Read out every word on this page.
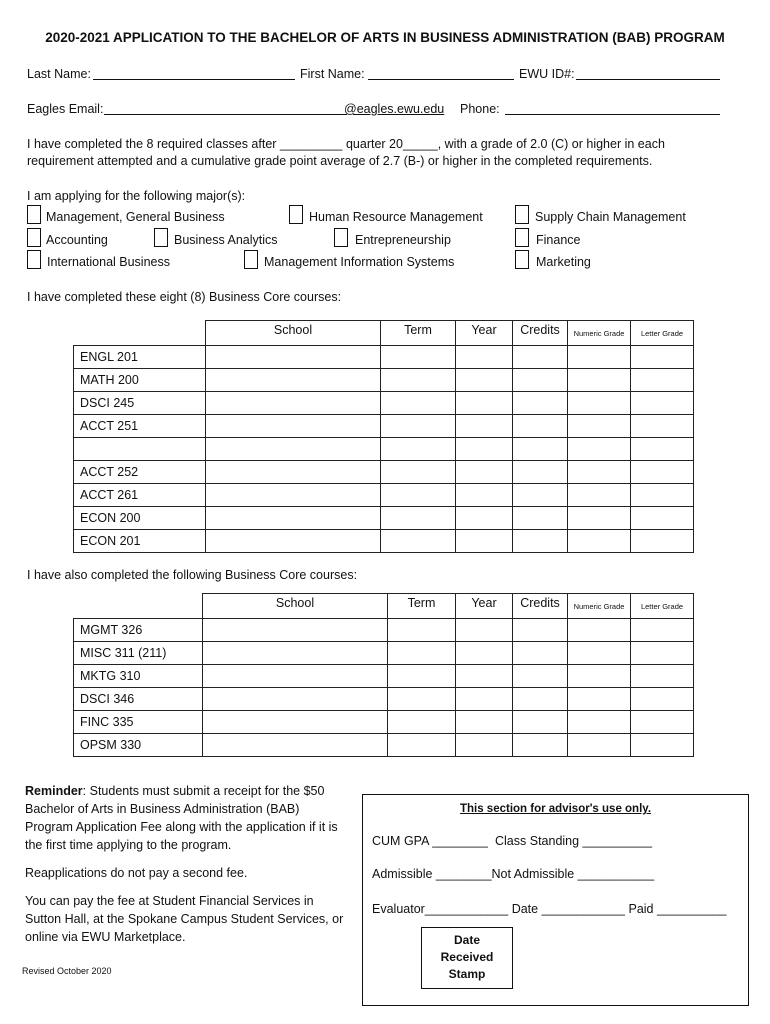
2020-2021 APPLICATION TO THE BACHELOR OF ARTS IN BUSINESS ADMINISTRATION (BAB) PROGRAM
Last Name:	First Name:	EWU ID#:
Eagles Email:	@eagles.ewu.edu Phone:
I have completed the 8 required classes after _________ quarter 20_____, with a grade of 2.0 (C) or higher in each
requirement attempted and a cumulative grade point average of 2.7 (B-) or higher in the completed requirements.
I am applying for the following major(s):
Management, General Business	Human Resource Management	Supply Chain Management
Accounting	Business Analytics	Entrepreneurship	Finance
International Business	Management Information Systems	Marketing
I have completed these eight (8) Business Core courses:
	School	Term	Year	Credits	Numeric Grade	Letter Grade
ENGL 201						
MATH 200						
DSCI 245						
ACCT 251						

ACCT 252						
ACCT 261						
ECON 200						
ECON 201						
I have also completed the following Business Core courses:
	School	Term	Year	Credits	Numeric Grade	Letter Grade
MGMT 326						
MISC 311 (211)						
MKTG 310						
DSCI 346						
FINC 335						
OPSM 330						

Reminder: Students must submit a receipt for the $50 Bachelor of Arts in Business Administration (BAB) Program Application Fee along with the application if it is the first time applying to the program.

Reapplications do not pay a second fee.

You can pay the fee at Student Financial Services in Sutton Hall, at the Spokane Campus Student Services, or online via EWU Marketplace.

This section for advisor's use only.
CUM GPA ________ Class Standing __________
Admissible ________Not Admissible ___________
Evaluator____________ Date ____________ Paid __________
Date
Received
Stamp
Revised October 2020
